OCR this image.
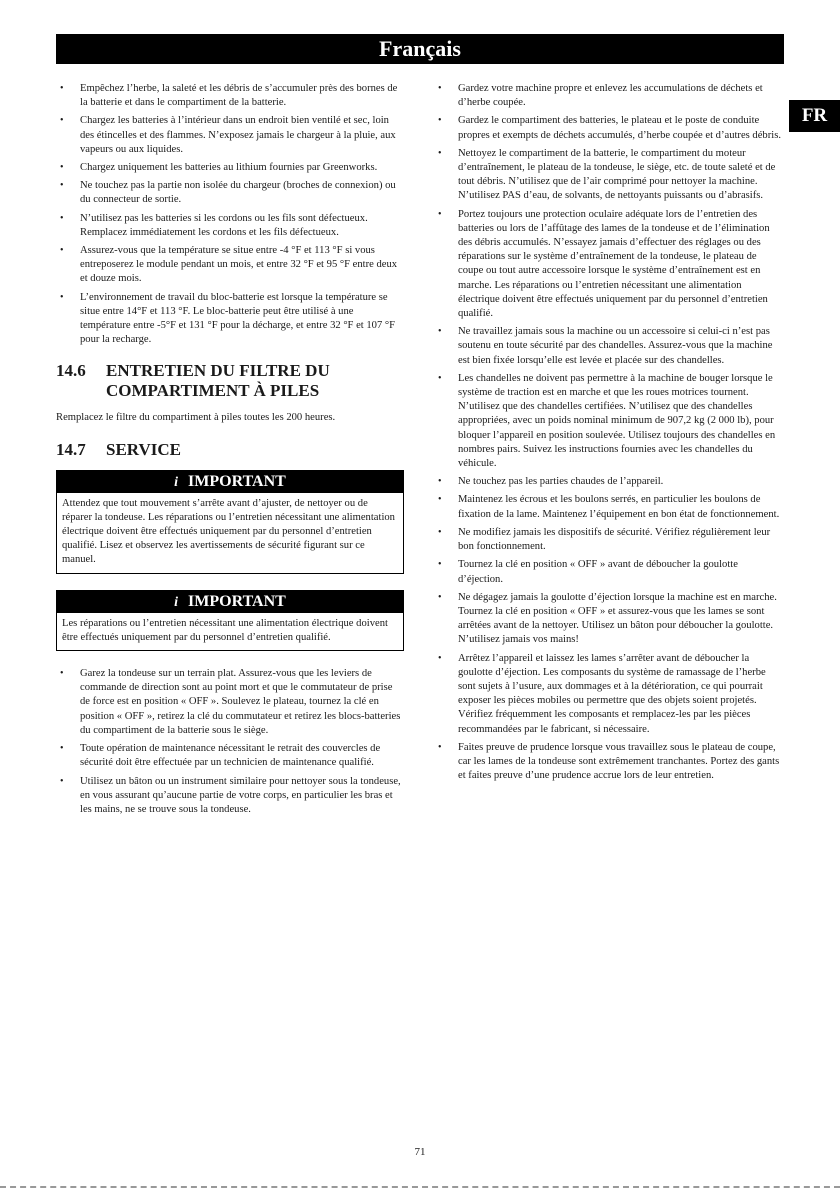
Français
FR
• Empêchez l’herbe, la saleté et les débris de s’accumuler près des bornes de la batterie et dans le compartiment de la batterie.
• Chargez les batteries à l’intérieur dans un endroit bien ventilé et sec, loin des étincelles et des flammes. N’exposez jamais le chargeur à la pluie, aux vapeurs ou aux liquides.
• Chargez uniquement les batteries au lithium fournies par Greenworks.
• Ne touchez pas la partie non isolée du chargeur (broches de connexion) ou du connecteur de sortie.
• N’utilisez pas les batteries si les cordons ou les fils sont défectueux. Remplacez immédiatement les cordons et les fils défectueux.
• Assurez-vous que la température se situe entre -4 °F et 113 °F si vous entreposerez le module pendant un mois, et entre 32 °F et 95 °F entre deux et douze mois.
• L’environnement de travail du bloc-batterie est lorsque la température se situe entre 14°F et 113 °F. Le bloc-batterie peut être utilisé à une température entre -5°F et 131 °F pour la décharge, et entre 32 °F et 107 °F pour la recharge.
14.6	ENTRETIEN DU FILTRE DU COMPARTIMENT À PILES

Remplacez le filtre du compartiment à piles toutes les 200 heures.

14.7	SERVICE
i IMPORTANT
Attendez que tout mouvement s’arrête avant d’ajuster, de nettoyer ou de réparer la tondeuse. Les réparations ou l’entretien nécessitant une alimentation électrique doivent être effectués uniquement par du personnel d’entretien qualifié. Lisez et observez les avertissements de sécurité figurant sur ce manuel.
i IMPORTANT
Les réparations ou l’entretien nécessitant une alimentation électrique doivent être effectués uniquement par du personnel d’entretien qualifié.
• Garez la tondeuse sur un terrain plat. Assurez-vous que les leviers de commande de direction sont au point mort et que le commutateur de prise de force est en position « OFF ». Soulevez le plateau, tournez la clé en position « OFF », retirez la clé du commutateur et retirez les blocs-batteries du compartiment de la batterie sous le siège.
• Toute opération de maintenance nécessitant le retrait des couvercles de sécurité doit être effectuée par un technicien de maintenance qualifié.
• Utilisez un bâton ou un instrument similaire pour nettoyer sous la tondeuse, en vous assurant qu’aucune partie de votre corps, en particulier les bras et les mains, ne se trouve sous la tondeuse.
• Gardez votre machine propre et enlevez les accumulations de déchets et d’herbe coupée.
• Gardez le compartiment des batteries, le plateau et le poste de conduite propres et exempts de déchets accumulés, d’herbe coupée et d’autres débris.
• Nettoyez le compartiment de la batterie, le compartiment du moteur d’entraînement, le plateau de la tondeuse, le siège, etc. de toute saleté et de tout débris. N’utilisez que de l’air comprimé pour nettoyer la machine. N’utilisez PAS d’eau, de solvants, de nettoyants puissants ou d’abrasifs.
• Portez toujours une protection oculaire adéquate lors de l’entretien des batteries ou lors de l’affûtage des lames de la tondeuse et de l’élimination des débris accumulés. N’essayez jamais d’effectuer des réglages ou des réparations sur le système d’entraînement de la tondeuse, le plateau de coupe ou tout autre accessoire lorsque le système d’entraînement est en marche. Les réparations ou l’entretien nécessitant une alimentation électrique doivent être effectués uniquement par du personnel d’entretien qualifié.
• Ne travaillez jamais sous la machine ou un accessoire si celui-ci n’est pas soutenu en toute sécurité par des chandelles. Assurez-vous que la machine est bien fixée lorsqu’elle est levée et placée sur des chandelles.
• Les chandelles ne doivent pas permettre à la machine de bouger lorsque le système de traction est en marche et que les roues motrices tournent. N’utilisez que des chandelles certifiées. N’utilisez que des chandelles appropriées, avec un poids nominal minimum de 907,2 kg (2 000 lb), pour bloquer l’appareil en position soulevée. Utilisez toujours des chandelles en nombres pairs. Suivez les instructions fournies avec les chandelles du véhicule.
• Ne touchez pas les parties chaudes de l’appareil.
• Maintenez les écrous et les boulons serrés, en particulier les boulons de fixation de la lame. Maintenez l’équipement en bon état de fonctionnement.
• Ne modifiez jamais les dispositifs de sécurité. Vérifiez régulièrement leur bon fonctionnement.
• Tournez la clé en position « OFF » avant de déboucher la goulotte d’éjection.
• Ne dégagez jamais la goulotte d’éjection lorsque la machine est en marche. Tournez la clé en position « OFF » et assurez-vous que les lames se sont arrêtées avant de la nettoyer. Utilisez un bâton pour déboucher la goulotte. N’utilisez jamais vos mains!
• Arrêtez l’appareil et laissez les lames s’arrêter avant de déboucher la goulotte d’éjection. Les composants du système de ramassage de l’herbe sont sujets à l’usure, aux dommages et à la détérioration, ce qui pourrait exposer les pièces mobiles ou permettre que des objets soient projetés. Vérifiez fréquemment les composants et remplacez-les par les pièces recommandées par le fabricant, si nécessaire.
• Faites preuve de prudence lorsque vous travaillez sous le plateau de coupe, car les lames de la tondeuse sont extrêmement tranchantes. Portez des gants et faites preuve d’une prudence accrue lors de leur entretien.
71
